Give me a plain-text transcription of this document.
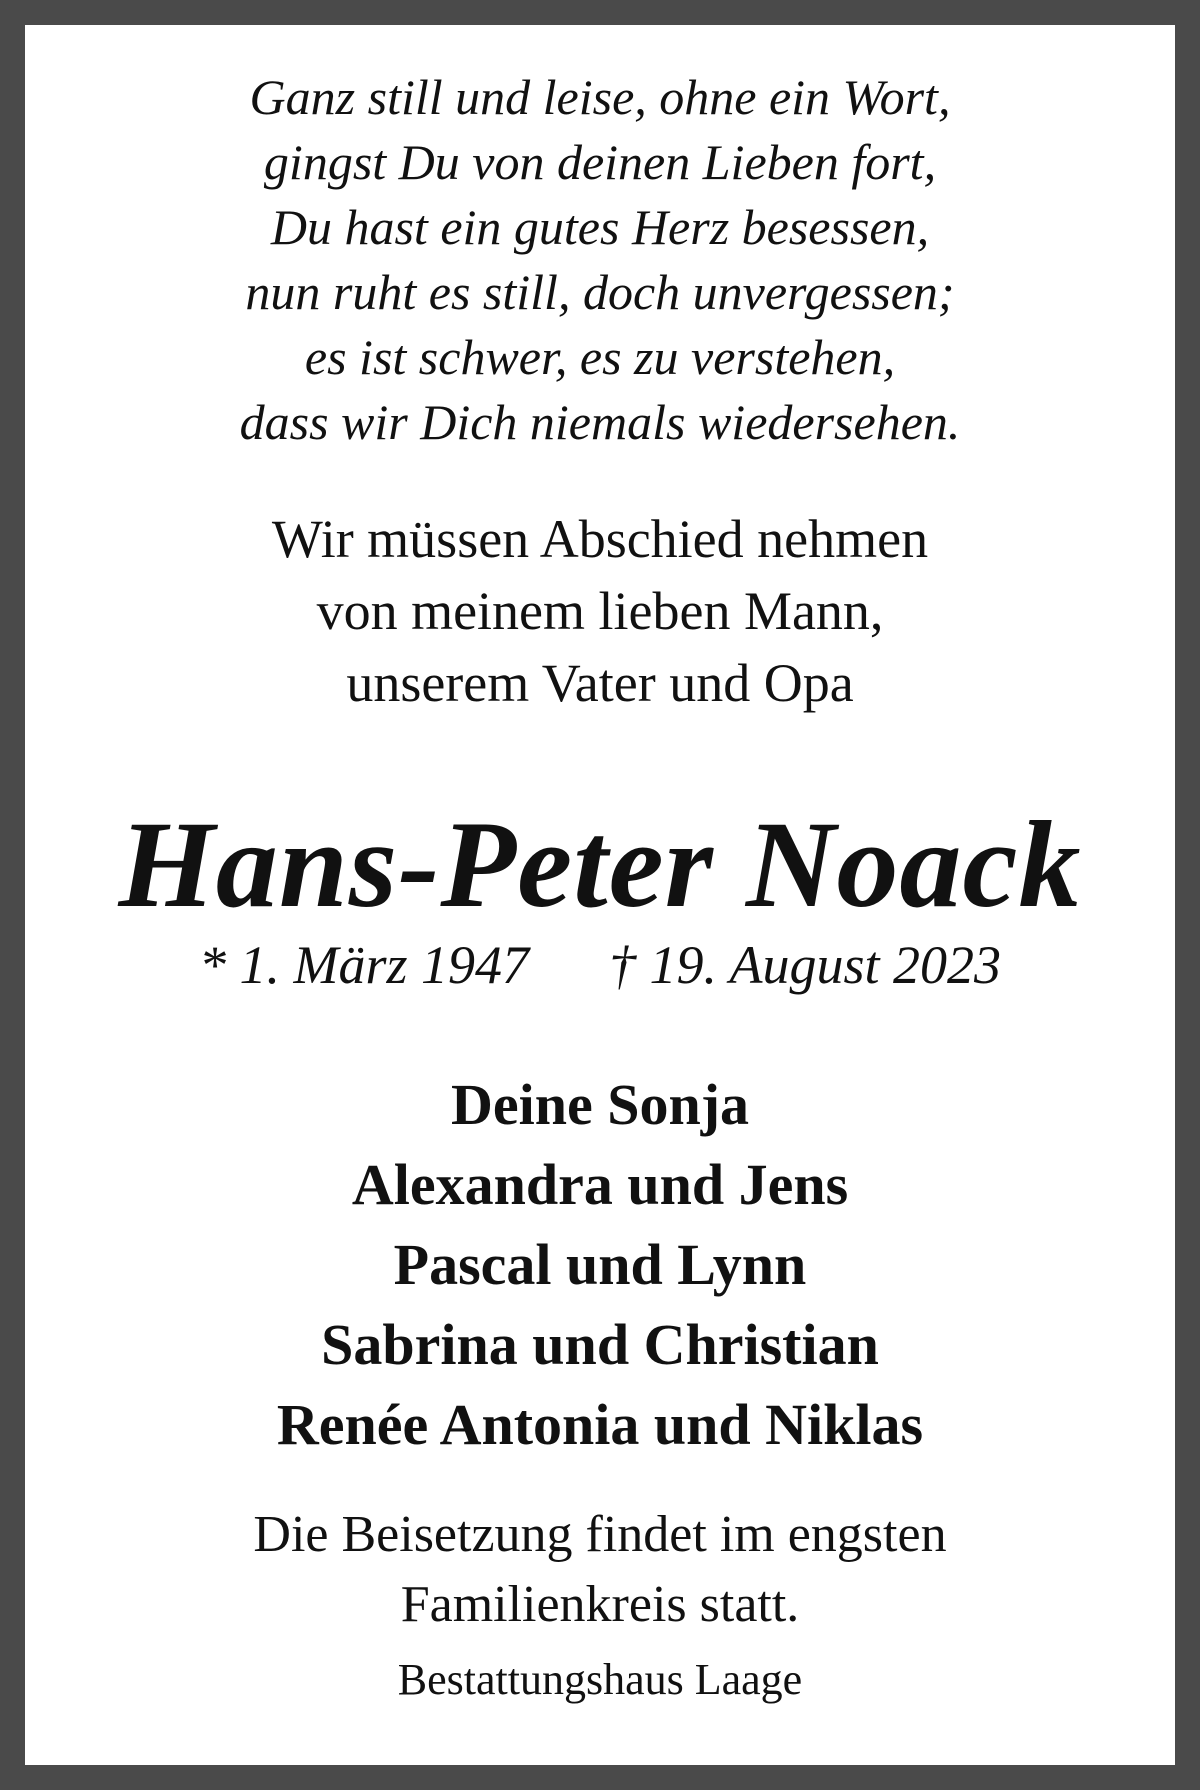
Ganz still und leise, ohne ein Wort,
gingst Du von deinen Lieben fort,
Du hast ein gutes Herz besessen,
nun ruht es still, doch unvergessen;
es ist schwer, es zu verstehen,
dass wir Dich niemals wiedersehen.
Wir müssen Abschied nehmen
von meinem lieben Mann,
unserem Vater und Opa
Hans-Peter Noack
* 1. März 1947 † 19. August 2023
Deine Sonja
Alexandra und Jens
Pascal und Lynn
Sabrina und Christian
Renée Antonia und Niklas
Die Beisetzung findet im engsten
Familienkreis statt.
Bestattungshaus Laage
